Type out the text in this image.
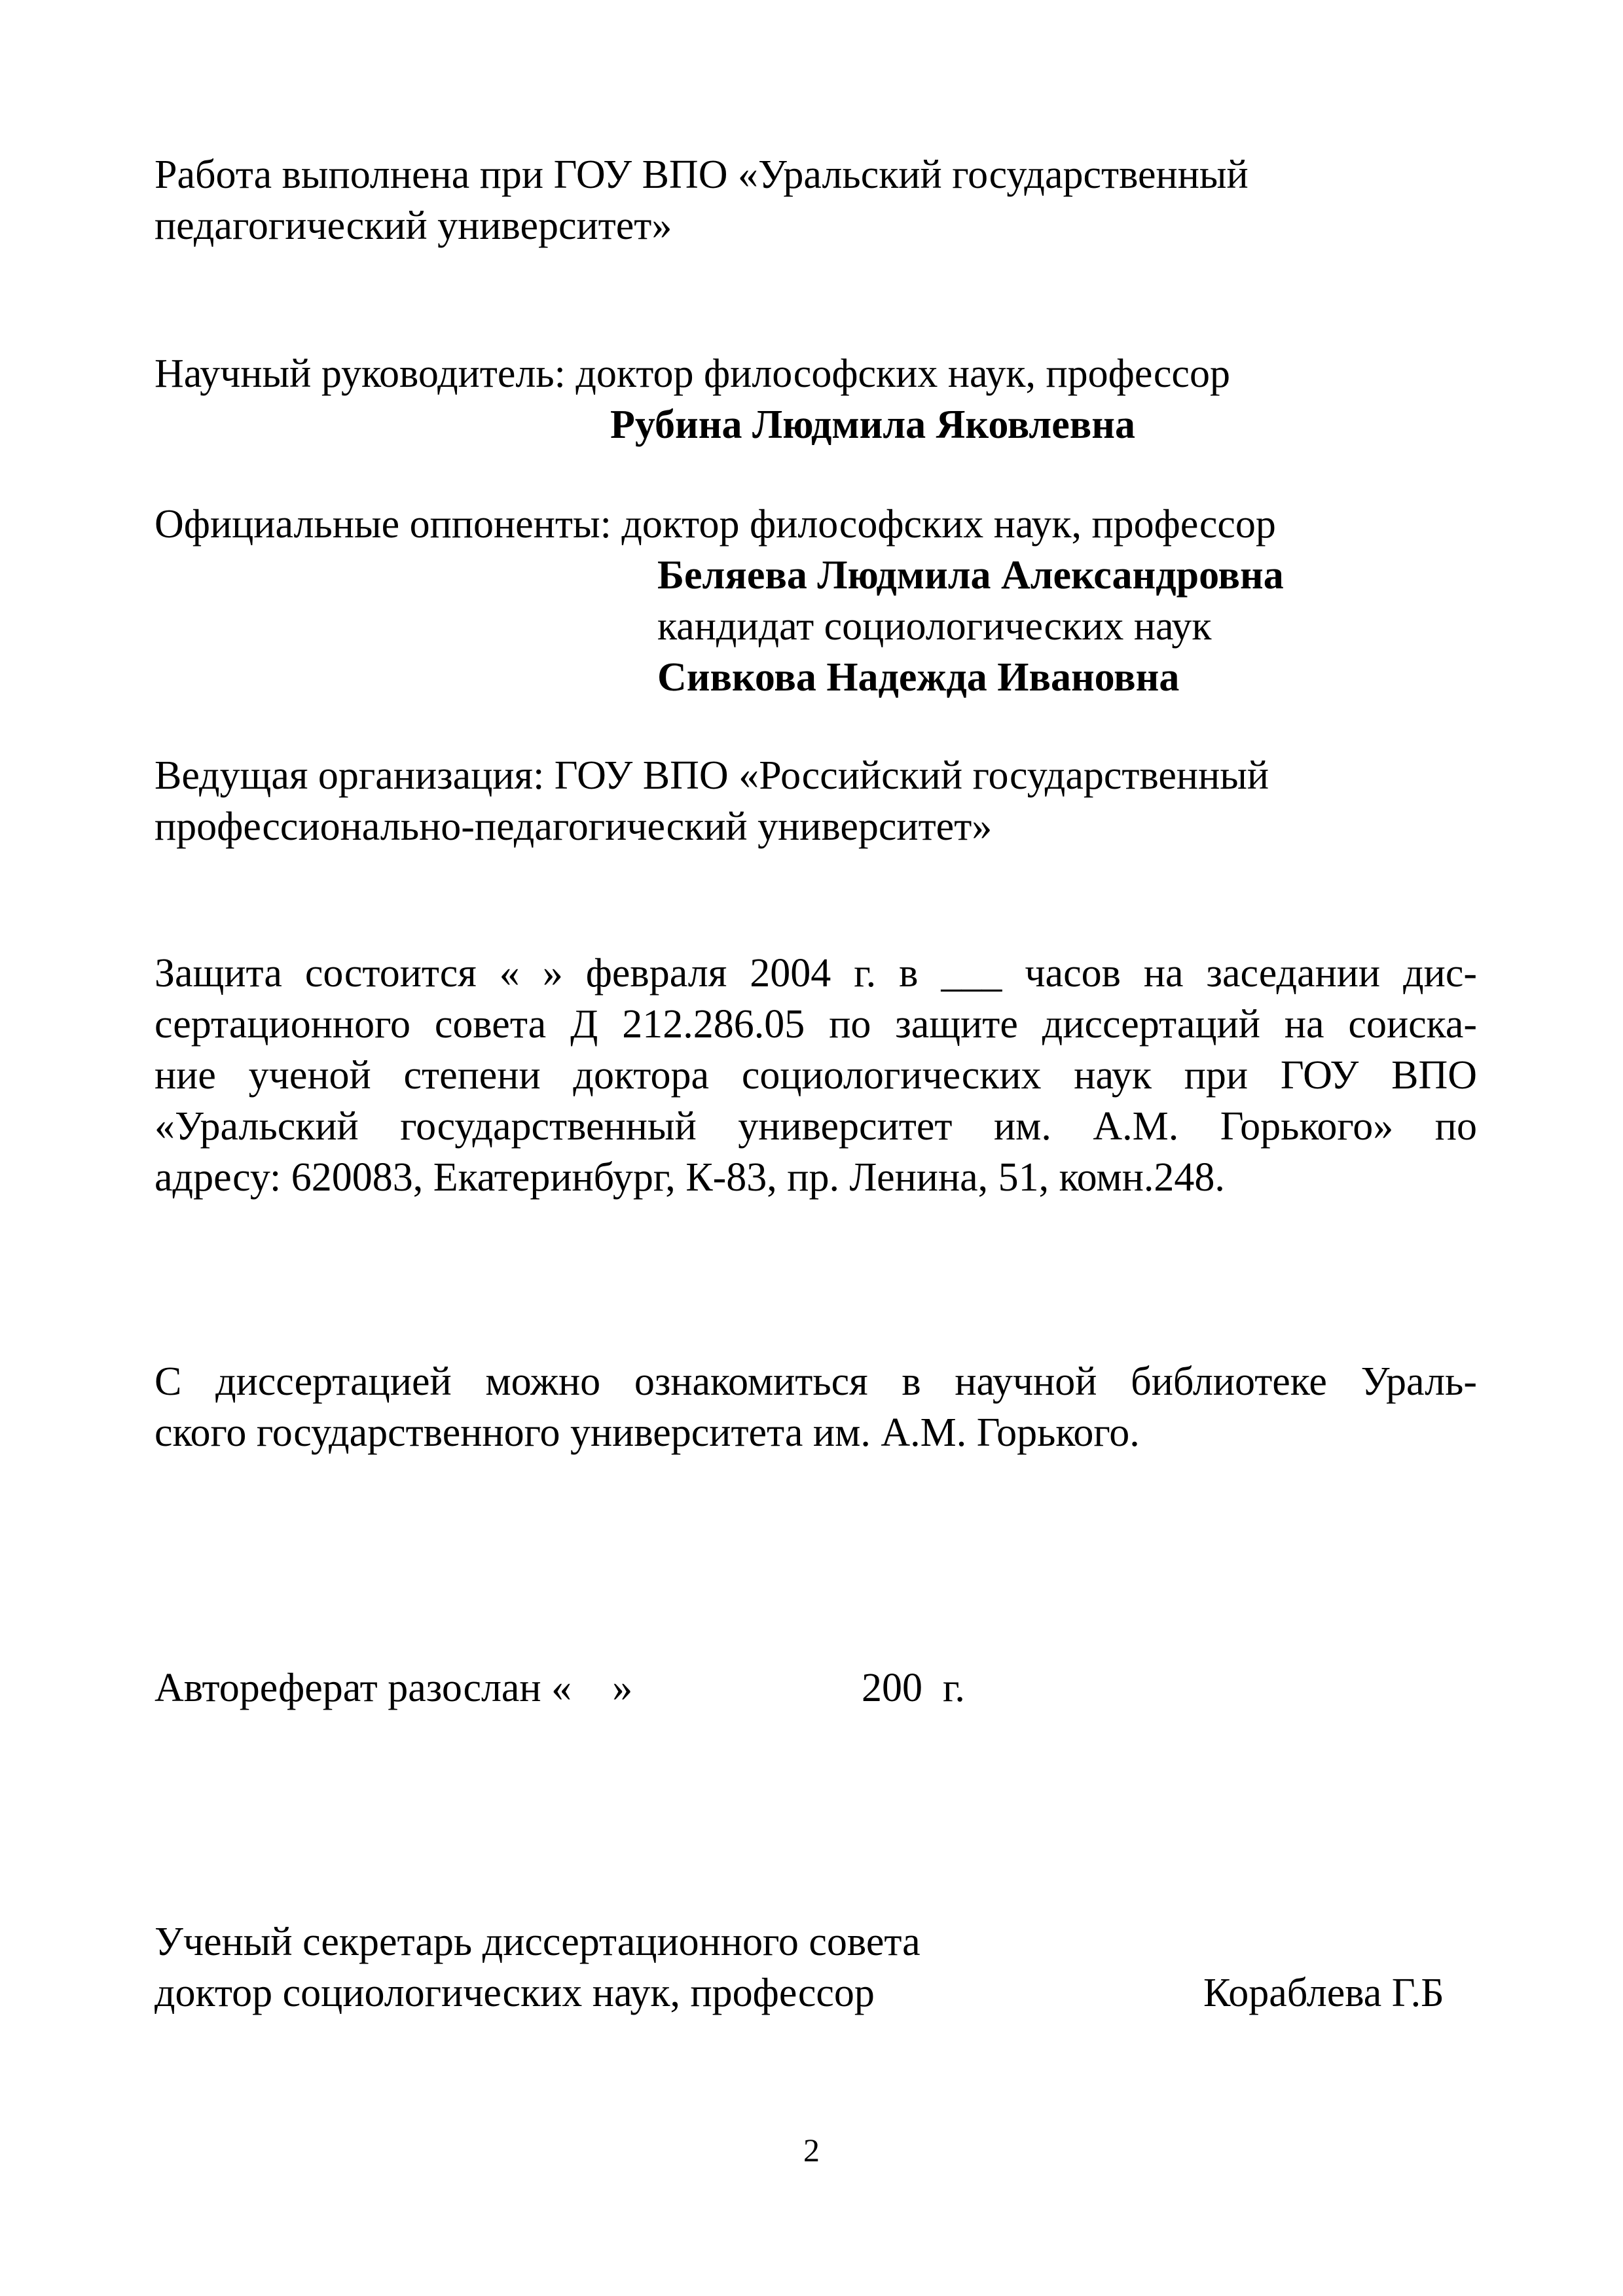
Работа выполнена при ГОУ ВПО «Уральский государственный
педагогический университет»
Научный руководитель: доктор философских наук, профессор
Рубина Людмила Яковлевна
Официальные оппоненты: доктор философских наук, профессор
Беляева Людмила Александровна
кандидат социологических наук
Сивкова Надежда Ивановна
Ведущая организация: ГОУ ВПО «Российский государственный
профессионально-педагогический университет»
Защита состоится « » февраля 2004 г. в ___ часов на заседании дис-
сертационного совета Д 212.286.05 по защите диссертаций на соиска-
ние ученой степени доктора социологических наук при ГОУ ВПО
«Уральский государственный университет им. А.М. Горького» по
адресу: 620083, Екатеринбург, К-83, пр. Ленина, 51, комн.248.
С диссертацией можно ознакомиться в научной библиотеке Ураль-
ского государственного университета им. А.М. Горького.
Автореферат разослан «    »	200  г.
Ученый секретарь диссертационного совета
доктор социологических наук, профессор	Кораблева Г.Б
2
